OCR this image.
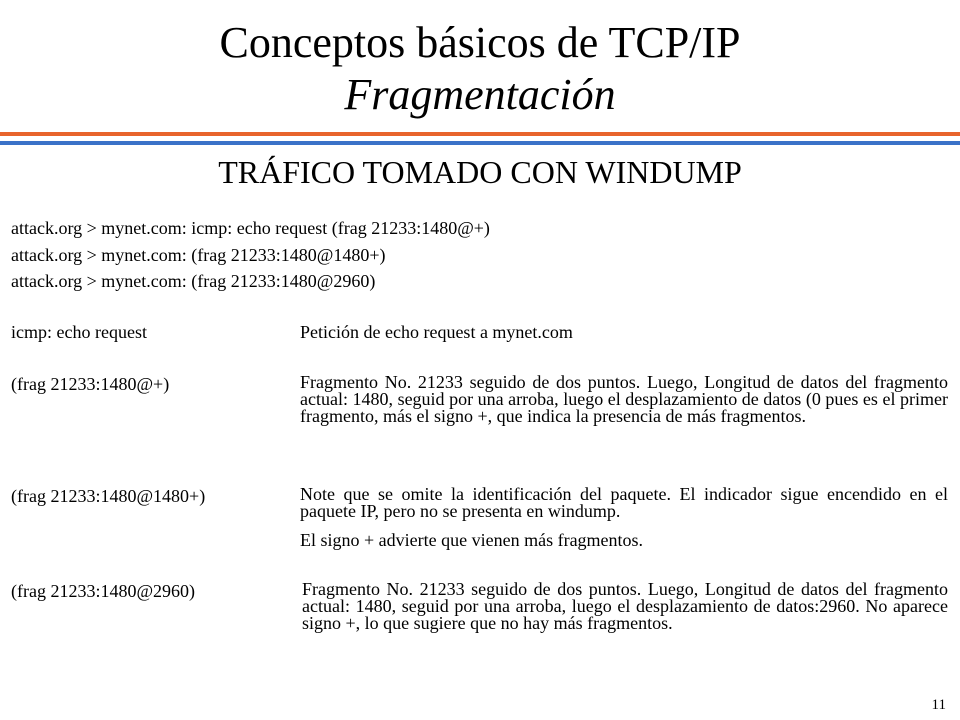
Conceptos básicos de TCP/IP
Fragmentación
TRÁFICO TOMADO CON WINDUMP
attack.org > mynet.com: icmp: echo request (frag 21233:1480@+)
attack.org > mynet.com: (frag 21233:1480@1480+)
attack.org > mynet.com: (frag 21233:1480@2960)
icmp: echo request	Petición de echo request a mynet.com
(frag 21233:1480@+)	Fragmento No. 21233 seguido de dos puntos. Luego, Longitud de datos del fragmento actual: 1480, seguid por una arroba, luego el desplazamiento de datos (0 pues es el primer fragmento, más el signo +, que indica la presencia de más fragmentos.
(frag 21233:1480@1480+)	Note que se omite la identificación del paquete. El indicador sigue encendido en el paquete IP, pero no se presenta en windump.
El signo + advierte que vienen más fragmentos.
(frag 21233:1480@2960)	Fragmento No. 21233 seguido de dos puntos. Luego, Longitud de datos del fragmento actual: 1480, seguid por una arroba, luego el desplazamiento de datos:2960. No aparece signo +, lo que sugiere que no hay más fragmentos.
11
